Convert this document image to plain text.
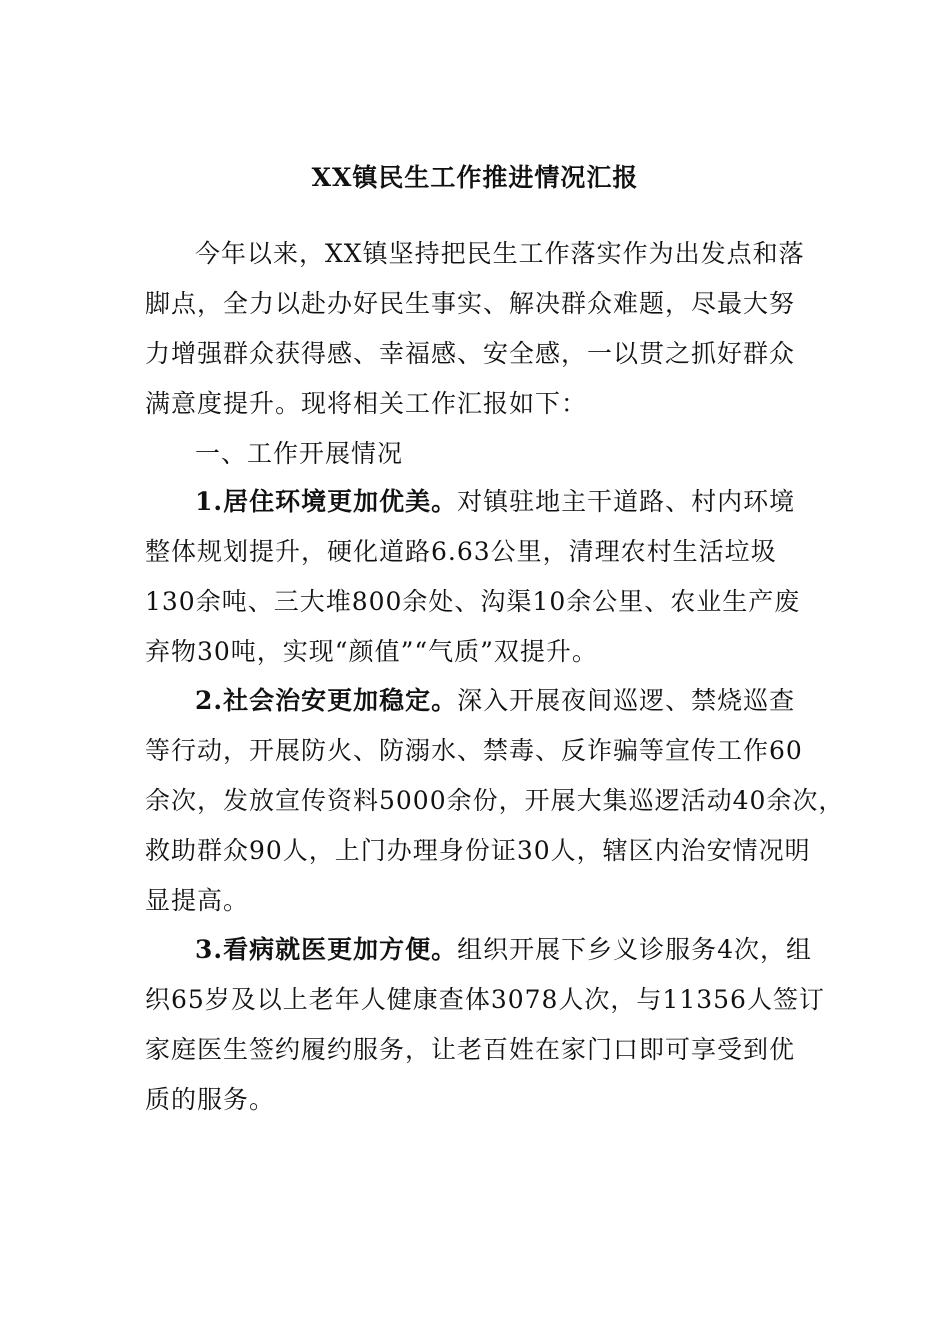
XX镇民生工作推进情况汇报
今年以来，XX镇坚持把民生工作落实作为出发点和落
脚点，全力以赴办好民生事实、解决群众难题，尽最大努
力增强群众获得感、幸福感、安全感，一以贯之抓好群众
满意度提升。现将相关工作汇报如下：
一、工作开展情况
1.居住环境更加优美。对镇驻地主干道路、村内环境
整体规划提升，硬化道路6.63公里，清理农村生活垃圾
130余吨、三大堆800余处、沟渠10余公里、农业生产废
弃物30吨，实现“颜值”“气质”双提升。
2.社会治安更加稳定。深入开展夜间巡逻、禁烧巡查
等行动，开展防火、防溺水、禁毒、反诈骗等宣传工作60
余次，发放宣传资料5000余份，开展大集巡逻活动40余次，
救助群众90人，上门办理身份证30人，辖区内治安情况明
显提高。
3.看病就医更加方便。组织开展下乡义诊服务4次，组
织65岁及以上老年人健康查体3078人次，与11356人签订
家庭医生签约履约服务，让老百姓在家门口即可享受到优
质的服务。
